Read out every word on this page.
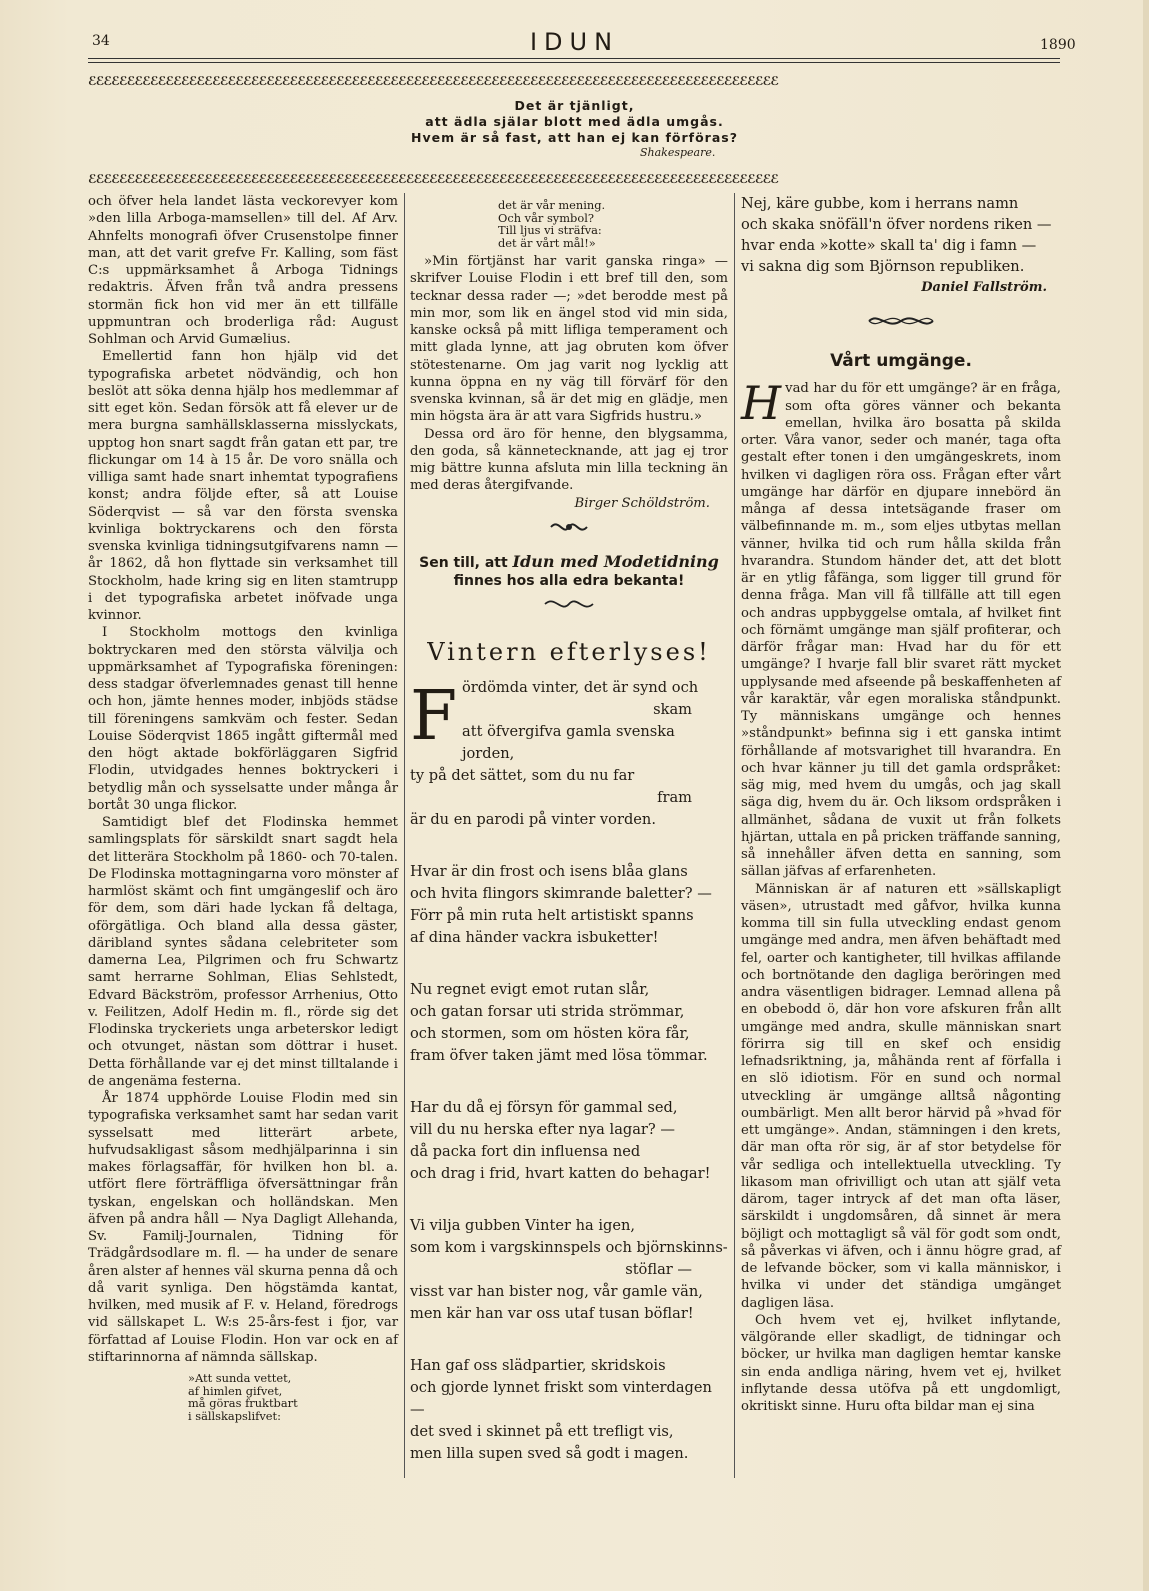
34	IDUN	1890
ℰℰℰℰℰℰℰℰℰℰℰℰℰℰℰℰℰℰℰℰℰℰℰℰℰℰℰℰℰℰℰℰℰℰℰℰℰℰℰℰℰℰℰℰℰℰℰℰℰℰℰℰℰℰℰℰℰℰℰℰℰℰℰℰℰℰℰℰℰℰℰℰℰℰℰℰℰℰℰℰℰℰℰℰℰℰℰℰℰ
Det är tjänligt,
att ädla själar blott med ädla umgås.
Hvem är så fast, att han ej kan förföras?
Shakespeare.
ℰℰℰℰℰℰℰℰℰℰℰℰℰℰℰℰℰℰℰℰℰℰℰℰℰℰℰℰℰℰℰℰℰℰℰℰℰℰℰℰℰℰℰℰℰℰℰℰℰℰℰℰℰℰℰℰℰℰℰℰℰℰℰℰℰℰℰℰℰℰℰℰℰℰℰℰℰℰℰℰℰℰℰℰℰℰℰℰℰ

och öfver hela landet lästa veckorevyer kom »den lilla Arboga-mamsellen» till del. Af Arv. Ahnfelts monografi öfver Crusenstolpe finner man, att det varit grefve Fr. Kalling, som fäst C:s uppmärksamhet å Arboga Tidnings redaktris. Äfven från två andra pressens stormän fick hon vid mer än ett tillfälle uppmuntran och broderliga råd: August Sohlman och Arvid Gumælius.

Emellertid fann hon hjälp vid det typografiska arbetet nödvändig, och hon beslöt att söka denna hjälp hos medlemmar af sitt eget kön. Sedan försök att få elever ur de mera burgna samhällsklasserna misslyckats, upptog hon snart sagdt från gatan ett par, tre flickungar om 14 à 15 år. De voro snälla och villiga samt hade snart inhemtat typografiens konst; andra följde efter, så att Louise Söderqvist — så var den första svenska kvinliga boktryckarens och den första svenska kvinliga tidningsutgifvarens namn — år 1862, då hon flyttade sin verksamhet till Stockholm, hade kring sig en liten stamtrupp i det typografiska arbetet inöfvade unga kvinnor.

I Stockholm mottogs den kvinliga boktryckaren med den största välvilja och uppmärksamhet af Typografiska föreningen: dess stadgar öfverlemnades genast till henne och hon, jämte hennes moder, inbjöds städse till föreningens samkväm och fester. Sedan Louise Söderqvist 1865 ingått giftermål med den högt aktade bokförläggaren Sigfrid Flodin, utvidgades hennes boktryckeri i betydlig mån och sysselsatte under många år bortåt 30 unga flickor.

Samtidigt blef det Flodinska hemmet samlingsplats för särskildt snart sagdt hela det litterära Stockholm på 1860- och 70-talen. De Flodinska mottagningarna voro mönster af harmlöst skämt och fint umgängeslif och äro för dem, som däri hade lyckan få deltaga, oförgätliga. Och bland alla dessa gäster, däribland syntes sådana celebriteter som damerna Lea, Pilgrimen och fru Schwartz samt herrarne Sohlman, Elias Sehlstedt, Edvard Bäckström, professor Arrhenius, Otto v. Feilitzen, Adolf Hedin m. fl., rörde sig det Flodinska tryckeriets unga arbeterskor ledigt och otvunget, nästan som döttrar i huset. Detta förhållande var ej det minst tilltalande i de angenäma festerna.

År 1874 upphörde Louise Flodin med sin typografiska verksamhet samt har sedan varit sysselsatt med litterärt arbete, hufvudsakligast såsom medhjälparinna i sin makes förlagsaffär, för hvilken hon bl. a. utfört flere förträffliga öfversättningar från tyskan, engelskan och holländskan. Men äfven på andra håll — Nya Dagligt Allehanda, Sv. Familj-Journalen, Tidning för Trädgårdsodlare m. fl. — ha under de senare åren alster af hennes väl skurna penna då och då varit synliga. Den högstämda kantat, hvilken, med musik af F. v. Heland, föredrogs vid sällskapet L. W:s 25-års-fest i fjor, var författad af Louise Flodin. Hon var ock en af stiftarinnorna af nämnda sällskap.

»Att sunda vettet,
af himlen gifvet,
må göras fruktbart
i sällskapslifvet:
det är vår mening.
Och vår symbol?
Till ljus vi sträfva:
det är vårt mål!»

»Min förtjänst har varit ganska ringa» — skrifver Louise Flodin i ett bref till den, som tecknar dessa rader —; »det berodde mest på min mor, som lik en ängel stod vid min sida, kanske också på mitt lifliga temperament och mitt glada lynne, att jag obruten kom öfver stötestenarne. Om jag varit nog lycklig att kunna öppna en ny väg till förvärf för den svenska kvinnan, så är det mig en glädje, men min högsta ära är att vara Sigfrids hustru.»

Dessa ord äro för henne, den blygsamma, den goda, så kännetecknande, att jag ej tror mig bättre kunna afsluta min lilla teckning än med deras återgifvande.

Birger Schöldström.
Sen till, att Idun med Modetidning
finnes hos alla edra bekanta!
Vintern efterlyses!
F ördömda vinter, det är synd och
skam
att öfvergifva gamla svenska jorden,
ty på det sättet, som du nu far
fram
är du en parodi på vinter vorden.
Hvar är din frost och isens blåa glans
och hvita flingors skimrande baletter? —
Förr på min ruta helt artistiskt spanns
af dina händer vackra isbuketter!
Nu regnet evigt emot rutan slår,
och gatan forsar uti strida strömmar,
och stormen, som om hösten köra får,
fram öfver taken jämt med lösa tömmar.
Har du då ej försyn för gammal sed,
vill du nu herska efter nya lagar? —
då packa fort din influensa ned
och drag i frid, hvart katten do behagar!
Vi vilja gubben Vinter ha igen,
som kom i vargskinnspels och björnskinns-
stöflar —
visst var han bister nog, vår gamle vän,
men kär han var oss utaf tusan böflar!
Han gaf oss slädpartier, skridskois
och gjorde lynnet friskt som vinterdagen —
det sved i skinnet på ett trefligt vis,
men lilla supen sved så godt i magen.
Nej, käre gubbe, kom i herrans namn
och skaka snöfäll'n öfver nordens riken —
hvar enda »kotte» skall ta' dig i famn —
vi sakna dig som Björnson republiken.
Daniel Fallström.
Vårt umgänge.
H vad har du för ett umgänge? är en fråga, som ofta göres vänner och bekanta emellan, hvilka äro bosatta på skilda orter. Våra vanor, seder och manér, taga ofta gestalt efter tonen i den umgängeskrets, inom hvilken vi dagligen röra oss. Frågan efter vårt umgänge har därför en djupare innebörd än många af dessa intetsägande fraser om välbefinnande m. m., som eljes utbytas mellan vänner, hvilka tid och rum hålla skilda från hvarandra. Stundom händer det, att det blott är en ytlig fåfänga, som ligger till grund för denna fråga. Man vill få tillfälle att till egen och andras uppbyggelse omtala, af hvilket fint och förnämt umgänge man själf profiterar, och därför frågar man: Hvad har du för ett umgänge? I hvarje fall blir svaret rätt mycket upplysande med afseende på beskaffenheten af vår karaktär, vår egen moraliska ståndpunkt. Ty människans umgänge och hennes »ståndpunkt» befinna sig i ett ganska intimt förhållande af motsvarighet till hvarandra. En och hvar känner ju till det gamla ordspråket: säg mig, med hvem du umgås, och jag skall säga dig, hvem du är. Och liksom ordspråken i allmänhet, sådana de vuxit ut från folkets hjärtan, uttala en på pricken träffande sanning, så innehåller äfven detta en sanning, som sällan jäfvas af erfarenheten.

Människan är af naturen ett »sällskapligt väsen», utrustadt med gåfvor, hvilka kunna komma till sin fulla utveckling endast genom umgänge med andra, men äfven behäftadt med fel, oarter och kantigheter, till hvilkas affilande och bortnötande den dagliga beröringen med andra väsentligen bidrager. Lemnad allena på en obebodd ö, där hon vore afskuren från allt umgänge med andra, skulle människan snart förirra sig till en skef och ensidig lefnadsriktning, ja, måhända rent af förfalla i en slö idiotism. För en sund och normal utveckling är umgänge alltså någonting oumbärligt. Men allt beror härvid på »hvad för ett umgänge». Andan, stämningen i den krets, där man ofta rör sig, är af stor betydelse för vår sedliga och intellektuella utveckling. Ty likasom man ofrivilligt och utan att själf veta därom, tager intryck af det man ofta läser, särskildt i ungdomsåren, då sinnet är mera böjligt och mottagligt så väl för godt som ondt, så påverkas vi äfven, och i ännu högre grad, af de lefvande böcker, som vi kalla människor, i hvilka vi under det ständiga umgänget dagligen läsa.

Och hvem vet ej, hvilket inflytande, välgörande eller skadligt, de tidningar och böcker, ur hvilka man dagligen hemtar kanske sin enda andliga näring, hvem vet ej, hvilket inflytande dessa utöfva på ett ungdomligt, okritiskt sinne. Huru ofta bildar man ej sina
